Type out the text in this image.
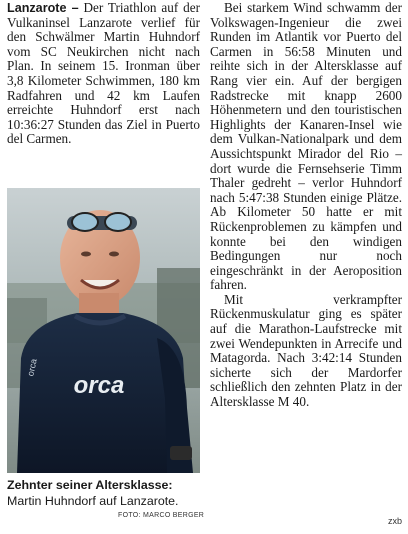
Lanzarote – Der Triathlon auf der Vulkaninsel Lanzarote verlief für den Schwälmer Martin Huhndorf vom SC Neukirchen nicht nach Plan. In seinem 15. Ironman über 3,8 Kilometer Schwimmen, 180 km Radfahren und 42 km Laufen erreichte Huhndorf erst nach 10:36:27 Stunden das Ziel in Puerto del Carmen.

orca
orca
Zehnter seiner Altersklasse:
Martin Huhndorf auf Lanzarote.
FOTO: MARCO BERGER

Bei starkem Wind schwamm der Volkswagen-Ingenieur die zwei Runden im Atlantik vor Puerto del Carmen in 56:58 Minuten und reihte sich in der Altersklasse auf Rang vier ein. Auf der bergigen Radstrecke mit knapp 2600 Höhenmetern und den touristischen Highlights der Kanaren-Insel wie dem Vulkan-Nationalpark und dem Aussichtspunkt Mirador del Rio – dort wurde die Fernsehserie Timm Thaler gedreht – verlor Huhndorf nach 5:47:38 Stunden einige Plätze. Ab Kilometer 50 hatte er mit Rückenproblemen zu kämpfen und konnte bei den windigen Bedingungen nur noch eingeschränkt in der Aeroposition fahren.

Mit verkrampfter Rückenmuskulatur ging es später auf die Marathon-Laufstrecke mit zwei Wendepunkten in Arrecife und Matagorda. Nach 3:42:14 Stunden sicherte sich der Mardorfer schließlich den zehnten Platz in der Altersklasse M 40.

zxb
